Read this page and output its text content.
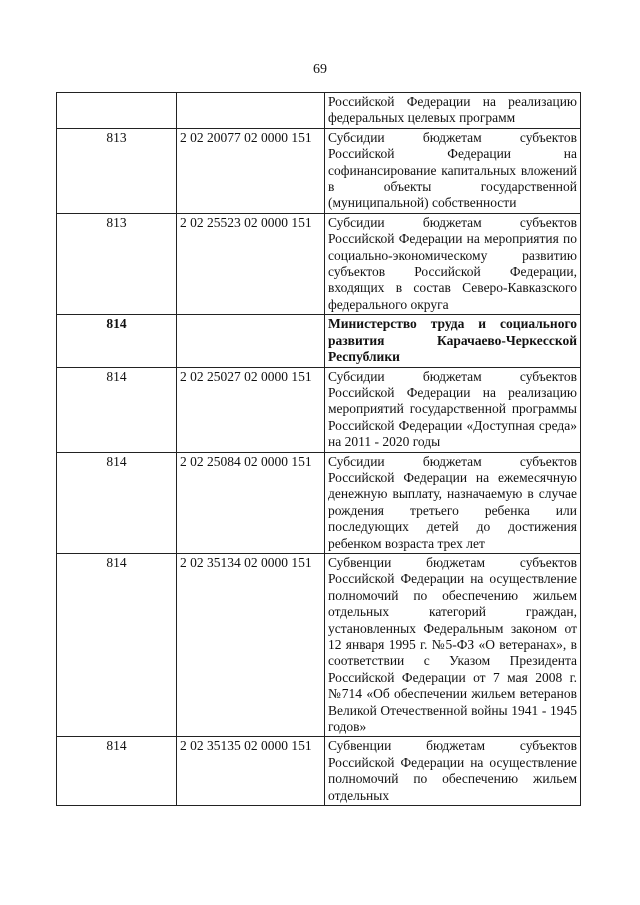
69
		Российской Федерации на реализацию федеральных целевых программ
813	2 02 20077 02 0000 151	Субсидии бюджетам субъектов Российской Федерации на софинансирование капитальных вложений в объекты государственной (муниципальной) собственности
813	2 02 25523 02 0000 151	Субсидии бюджетам субъектов Российской Федерации на мероприятия по социально-экономическому развитию субъектов Российской Федерации, входящих в состав Северо-Кавказского федерального округа
814		Министерство труда и социального развития Карачаево-Черкесской Республики
814	2 02 25027 02 0000 151	Субсидии бюджетам субъектов Российской Федерации на реализацию мероприятий государственной программы Российской Федерации «Доступная среда» на 2011 - 2020 годы
814	2 02 25084 02 0000 151	Субсидии бюджетам субъектов Российской Федерации на ежемесячную денежную выплату, назначаемую в случае рождения третьего ребенка или последующих детей до достижения ребенком возраста трех лет
814	2 02 35134 02 0000 151	Субвенции бюджетам субъектов Российской Федерации на осуществление полномочий по обеспечению жильем отдельных категорий граждан, установленных Федеральным законом от 12 января 1995 г. №5-ФЗ «О ветеранах», в соответствии с Указом Президента Российской Федерации от 7 мая 2008 г. №714 «Об обеспечении жильем ветеранов Великой Отечественной войны 1941 - 1945 годов»
814	2 02 35135 02 0000 151	Субвенции бюджетам субъектов Российской Федерации на осуществление полномочий по обеспечению жильем отдельных
